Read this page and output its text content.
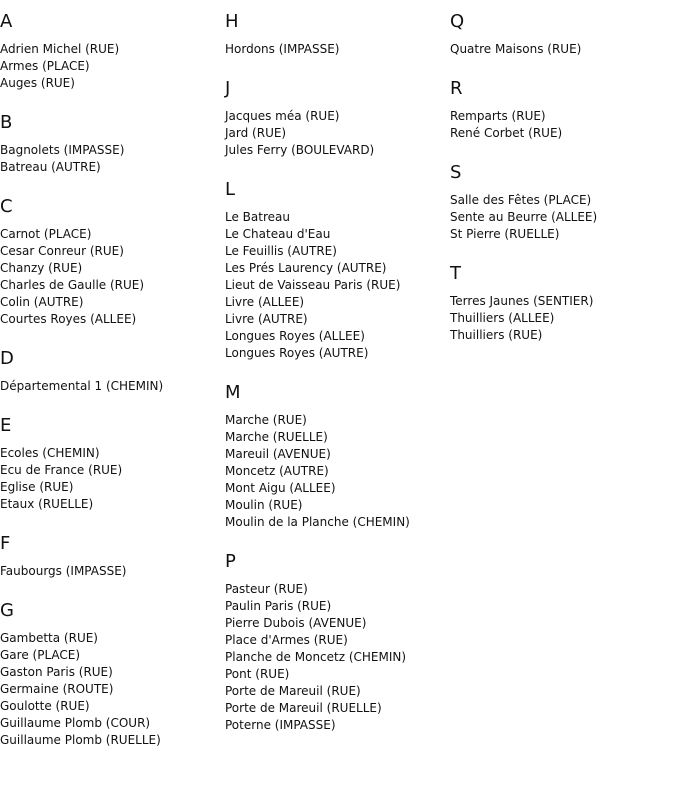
A
Adrien Michel (RUE)
Armes (PLACE)
Auges (RUE)
B
Bagnolets (IMPASSE)
Batreau (AUTRE)
C
Carnot (PLACE)
Cesar Conreur (RUE)
Chanzy (RUE)
Charles de Gaulle (RUE)
Colin (AUTRE)
Courtes Royes (ALLEE)
D
Départemental 1 (CHEMIN)
E
Ecoles (CHEMIN)
Ecu de France (RUE)
Eglise (RUE)
Etaux (RUELLE)
F
Faubourgs (IMPASSE)
G
Gambetta (RUE)
Gare (PLACE)
Gaston Paris (RUE)
Germaine (ROUTE)
Goulotte (RUE)
Guillaume Plomb (COUR)
Guillaume Plomb (RUELLE)
H
Hordons (IMPASSE)
J
Jacques méa (RUE)
Jard (RUE)
Jules Ferry (BOULEVARD)
L
Le Batreau
Le Chateau d'Eau
Le Feuillis (AUTRE)
Les Prés Laurency (AUTRE)
Lieut de Vaisseau Paris (RUE)
Livre (ALLEE)
Livre (AUTRE)
Longues Royes (ALLEE)
Longues Royes (AUTRE)
M
Marche (RUE)
Marche (RUELLE)
Mareuil (AVENUE)
Moncetz (AUTRE)
Mont Aigu (ALLEE)
Moulin (RUE)
Moulin de la Planche (CHEMIN)
P
Pasteur (RUE)
Paulin Paris (RUE)
Pierre Dubois (AVENUE)
Place d'Armes (RUE)
Planche de Moncetz (CHEMIN)
Pont (RUE)
Porte de Mareuil (RUE)
Porte de Mareuil (RUELLE)
Poterne (IMPASSE)
Q
Quatre Maisons (RUE)
R
Remparts (RUE)
René Corbet (RUE)
S
Salle des Fêtes (PLACE)
Sente au Beurre (ALLEE)
St Pierre (RUELLE)
T
Terres Jaunes (SENTIER)
Thuilliers (ALLEE)
Thuilliers (RUE)
